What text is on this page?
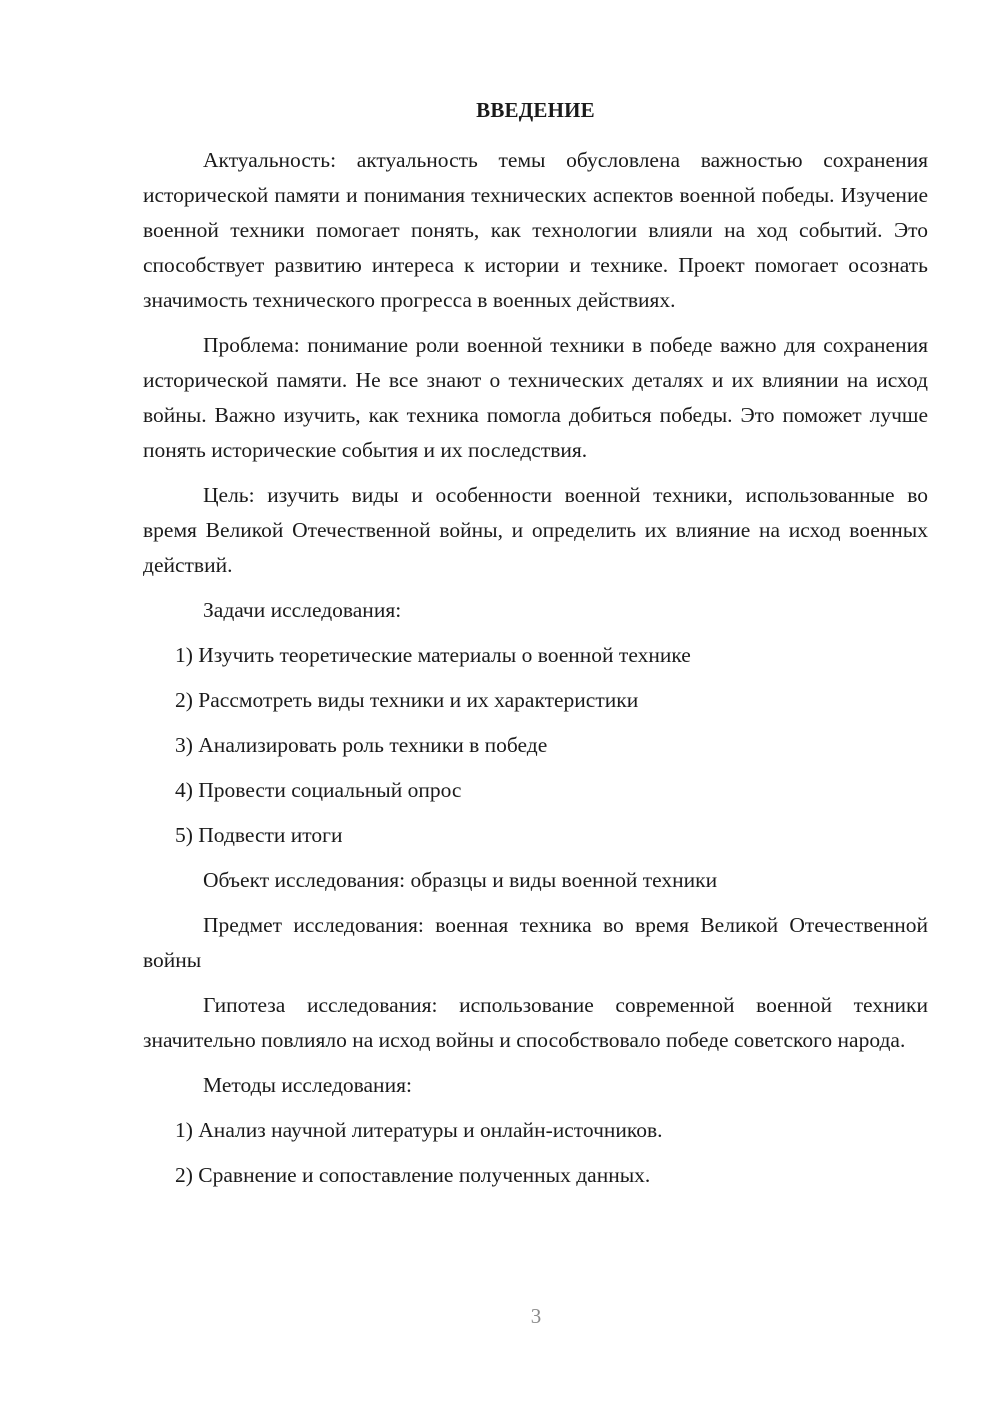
ВВЕДЕНИЕ

Актуальность: актуальность темы обусловлена важностью сохранения исторической памяти и понимания технических аспектов военной победы. Изучение военной техники помогает понять, как технологии влияли на ход событий. Это способствует развитию интереса к истории и технике. Проект помогает осознать значимость технического прогресса в военных действиях.

Проблема: понимание роли военной техники в победе важно для сохранения исторической памяти. Не все знают о технических деталях и их влиянии на исход войны. Важно изучить, как техника помогла добиться победы. Это поможет лучше понять исторические события и их последствия.

Цель: изучить виды и особенности военной техники, использованные во время Великой Отечественной войны, и определить их влияние на исход военных действий.

Задачи исследования:

1) Изучить теоретические материалы о военной технике

2) Рассмотреть виды техники и их характеристики

3) Анализировать роль техники в победе

4) Провести социальный опрос

5) Подвести итоги

Объект исследования: образцы и виды военной техники

Предмет исследования: военная техника во время Великой Отечественной войны

Гипотеза исследования: использование современной военной техники значительно повлияло на исход войны и способствовало победе советского народа.

Методы исследования:

1) Анализ научной литературы и онлайн-источников.

2) Сравнение и сопоставление полученных данных.

3
